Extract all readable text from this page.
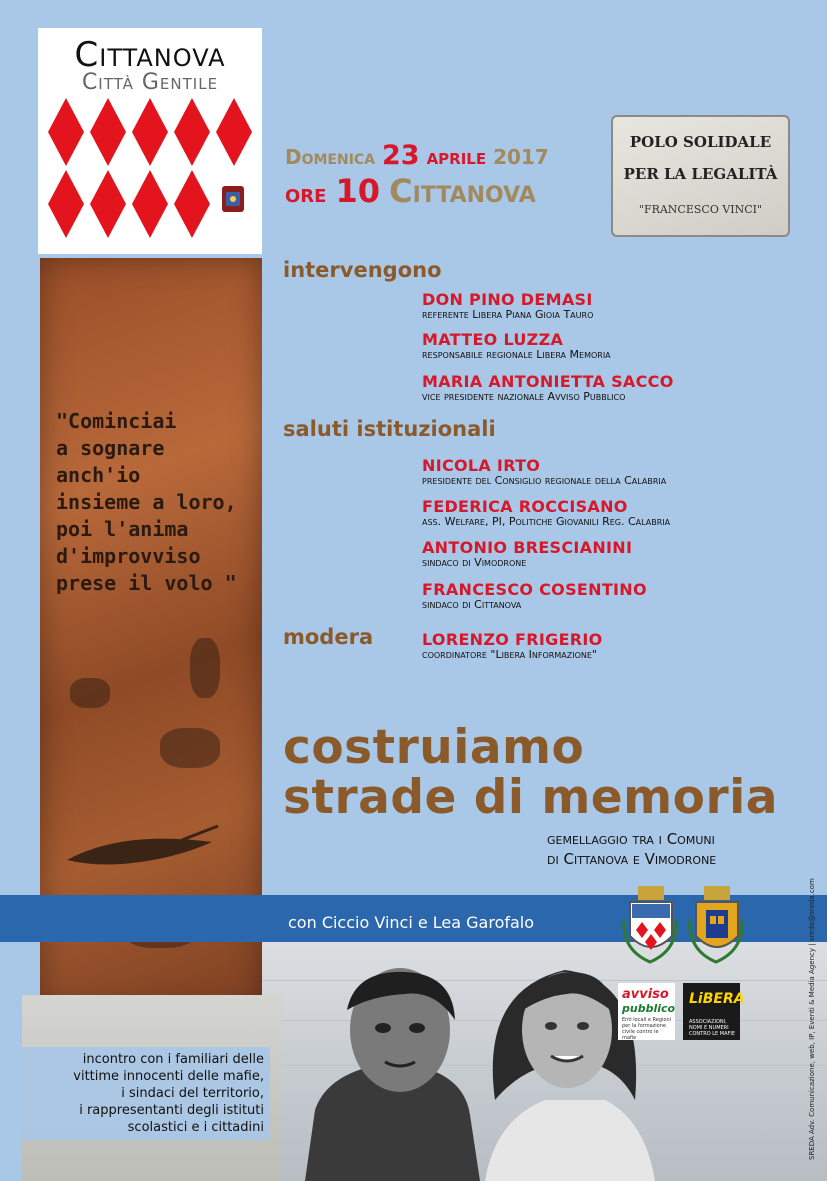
Cittanova
Città Gentile
"Cominciai
a sognare
anch'io
insieme a loro,
poi l'anima
d'improvviso
prese il volo "
con Ciccio Vinci e Lea Garofalo
Domenica 23 aprile 2017
ore 10 Cittanova
POLO SOLIDALE
PER LA LEGALITÀ
"FRANCESCO VINCI"
intervengono
DON PINO DEMASI
referente Libera Piana Gioia Tauro
MATTEO LUZZA
responsabile regionale Libera Memoria
MARIA ANTONIETTA SACCO
vice presidente nazionale Avviso Pubblico
saluti istituzionali
NICOLA IRTO
presidente del Consiglio regionale della Calabria
FEDERICA ROCCISANO
ass. Welfare, PI, Politiche Giovanili Reg. Calabria
ANTONIO BRESCIANINI
sindaco di Vimodrone
FRANCESCO COSENTINO
sindaco di Cittanova
modera	LORENZO FRIGERIO
coordinatore "Libera Informazione"
costruiamo
strade di memoria
gemellaggio tra i Comuni
di Cittanova e Vimodrone
avviso
pubblico
Enti locali e Regioni per la formazione civile contro le mafie
LiBERA
ASSOCIAZIONI, NOMI E NUMERI CONTRO LE MAFIE	SREDA Adv. Comunicazione, web, IP, Eventi & Media Agency | sreda@sreda.com
incontro con i familiari delle
vittime innocenti delle mafie,
i sindaci del territorio,
i rappresentanti degli istituti
scolastici e i cittadini
